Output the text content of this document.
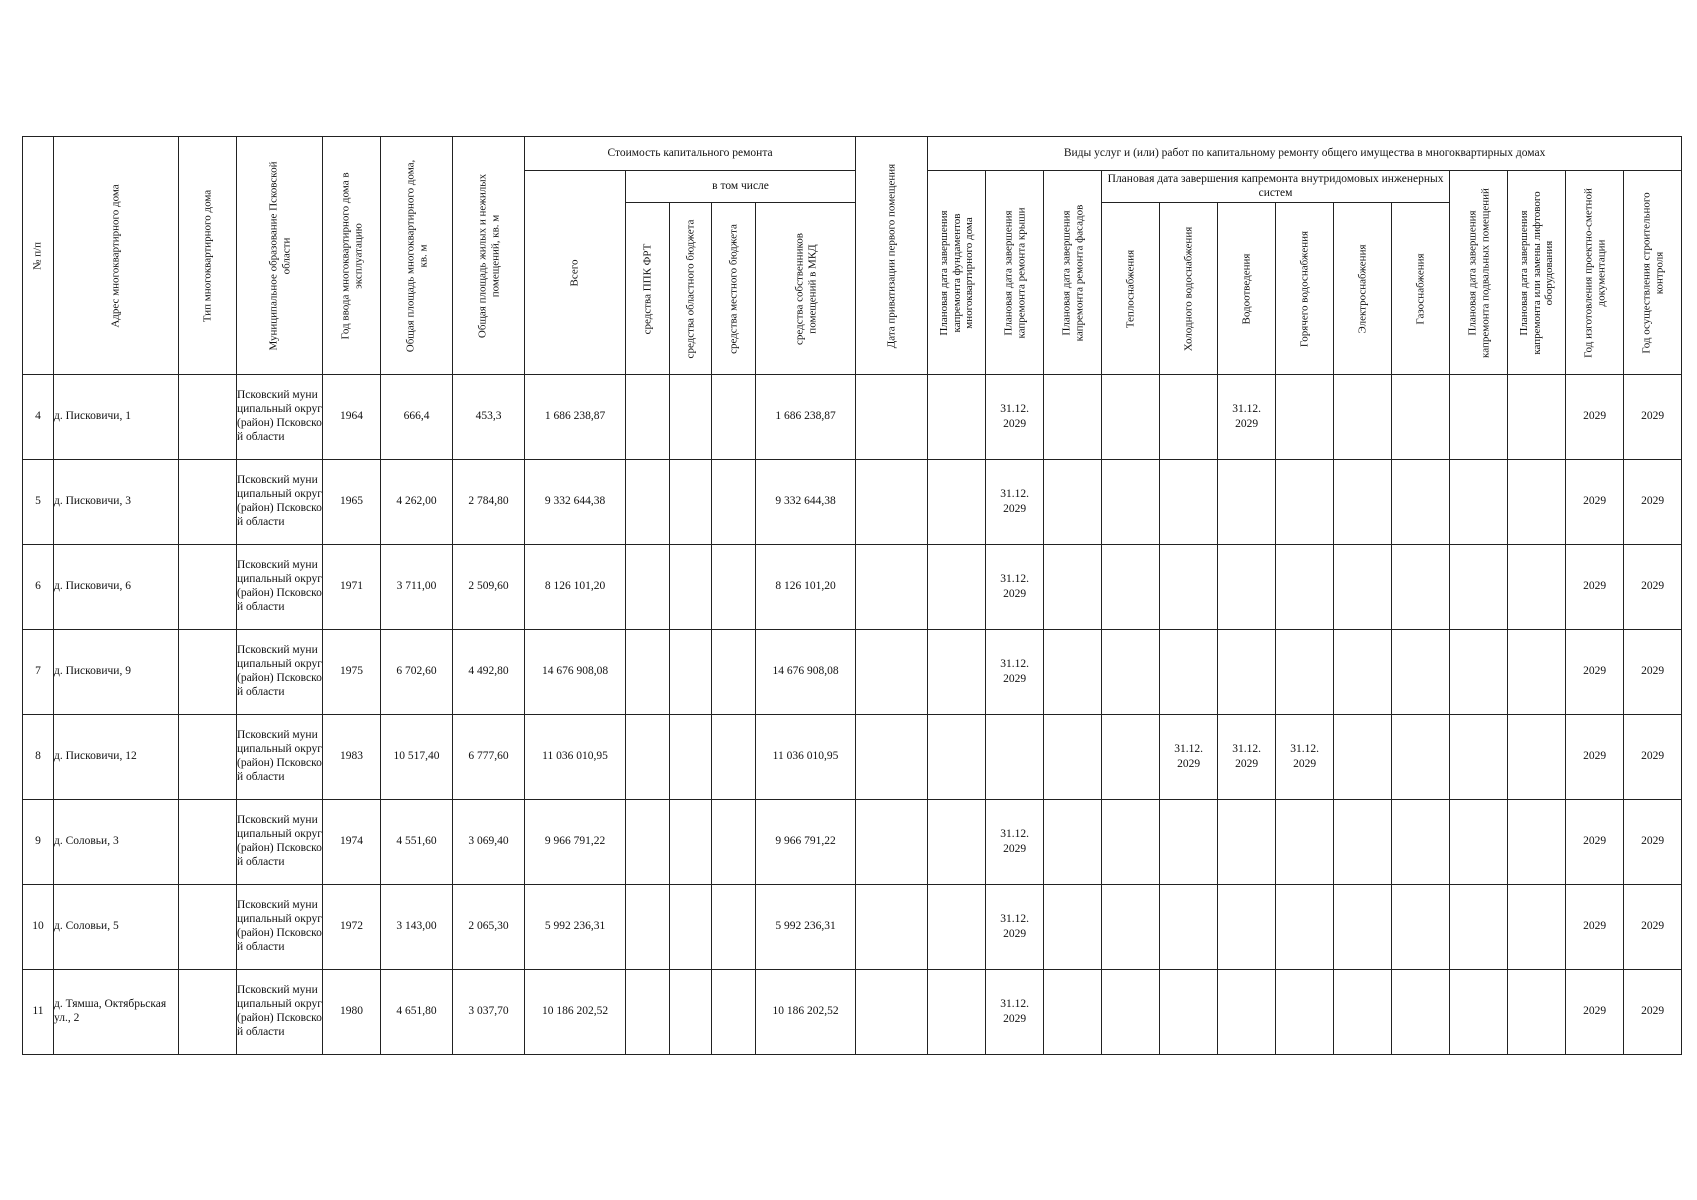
№ п/п	Адрес многоквартирного дома	Тип многоквартирного дома	Муниципальное образование Псковской области	Год ввода многоквартирного дома в эксплуатацию	Общая площадь многоквартирного дома, кв. м	Общая площадь жилых и нежилых помещений, кв. м	Стоимость капитального ремонта					Дата приватизации первого помещения	Виды услуг и (или) работ по капитальному ремонту общего имущества в многоквартирных домах												

							Всего	в том числе					Плановая дата завершения капремонта фундаментов многоквартирного дома	Плановая дата завершения капремонта ремонта крыши	Плановая дата завершения капремонта ремонта фасадов	Плановая дата завершения капремонта внутридомовых инженерных систем						Плановая дата завершения капремонта подвальных помещений	Плановая дата завершения капремонта или замены лифтового оборудования	Год изготовления проектно-сметной документации	Год осуществления строительного контроля

								средства ППК ФРТ	средства областного бюджета	средства местного бюджета	средства собственников помещений в МКД					Теплоснабжения	Холодного водоснабжения	Водоотведения	Горячего водоснабжения	Электроснабжения	Газоснабжения				

4	д. Писковичи, 1		Псковский муниципальный округ (район) Псковской области	1964	666,4	453,3	1 686 238,87				1 686 238,87			31.12. 2029				31.12. 2029						2029	2029
5	д. Писковичи, 3		Псковский муниципальный округ (район) Псковской области	1965	4 262,00	2 784,80	9 332 644,38				9 332 644,38			31.12. 2029										2029	2029
6	д. Писковичи, 6		Псковский муниципальный округ (район) Псковской области	1971	3 711,00	2 509,60	8 126 101,20				8 126 101,20			31.12. 2029										2029	2029
7	д. Писковичи, 9		Псковский муниципальный округ (район) Псковской области	1975	6 702,60	4 492,80	14 676 908,08				14 676 908,08			31.12. 2029										2029	2029
8	д. Писковичи, 12		Псковский муниципальный округ (район) Псковской области	1983	10 517,40	6 777,60	11 036 010,95				11 036 010,95						31.12. 2029	31.12. 2029	31.12. 2029					2029	2029
9	д. Соловьи, 3		Псковский муниципальный округ (район) Псковской области	1974	4 551,60	3 069,40	9 966 791,22				9 966 791,22			31.12. 2029										2029	2029
10	д. Соловьи, 5		Псковский муниципальный округ (район) Псковской области	1972	3 143,00	2 065,30	5 992 236,31				5 992 236,31			31.12. 2029										2029	2029
11	д. Тямша, Октябрьская ул., 2		Псковский муниципальный округ (район) Псковской области	1980	4 651,80	3 037,70	10 186 202,52				10 186 202,52			31.12. 2029										2029	2029
